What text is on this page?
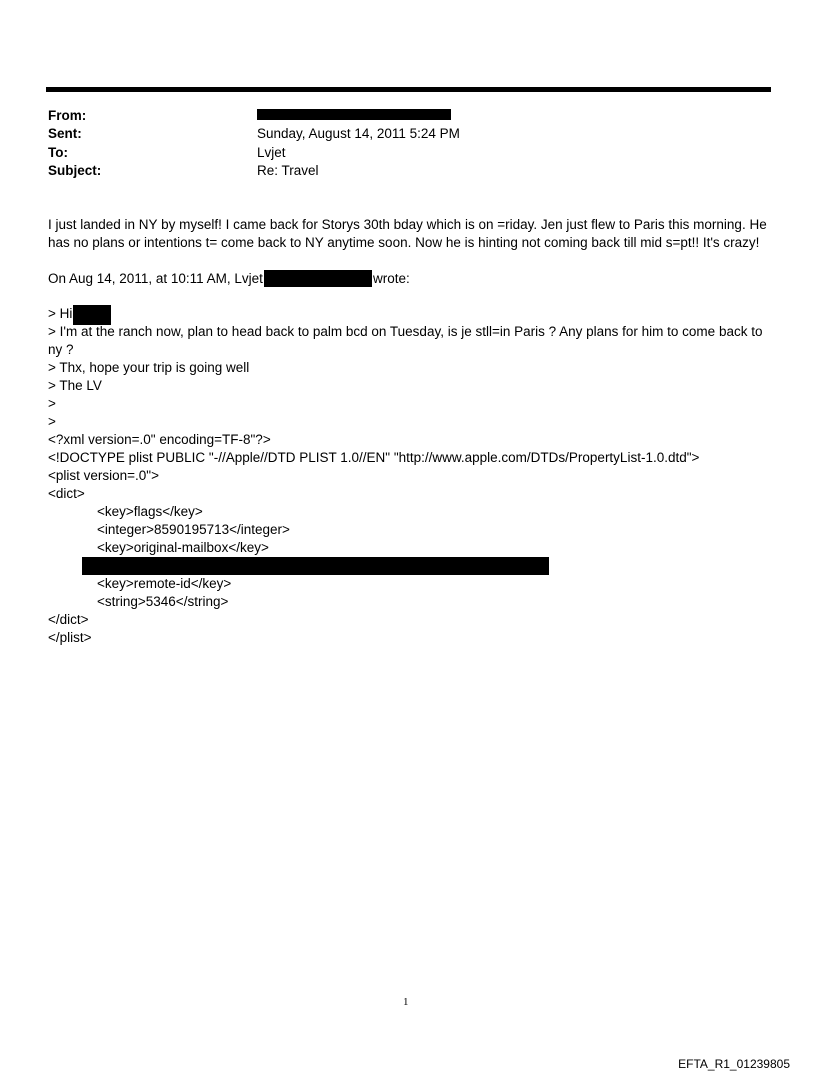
From:
Sent:	Sunday, August 14, 2011 5:24 PM
To:	Lvjet
Subject:	Re: Travel
I just landed in NY by myself! I came back for Storys 30th bday which is on =riday. Jen just flew to Paris this morning. He has no plans or intentions t= come back to NY anytime soon. Now he is hinting not coming back till mid s=pt!! It's crazy!
On Aug 14, 2011, at 10:11 AM, Lvjet	wrote:
> Hi
> I'm at the ranch now, plan to head back to palm bcd on Tuesday, is je stll=in Paris ? Any plans for him to come back to
ny ?
> Thx, hope your trip is going well
> The LV
>
>
<?xml version=.0" encoding=TF-8"?>
<!DOCTYPE plist PUBLIC "-//Apple//DTD PLIST 1.0//EN" "http://www.apple.com/DTDs/PropertyList-1.0.dtd">
<plist version=.0">
<dict>
<key>flags</key>
<integer>8590195713</integer>
<key>original-mailbox</key>
<key>remote-id</key>
<string>5346</string>
</dict>
</plist>
1
EFTA_R1_01239805
